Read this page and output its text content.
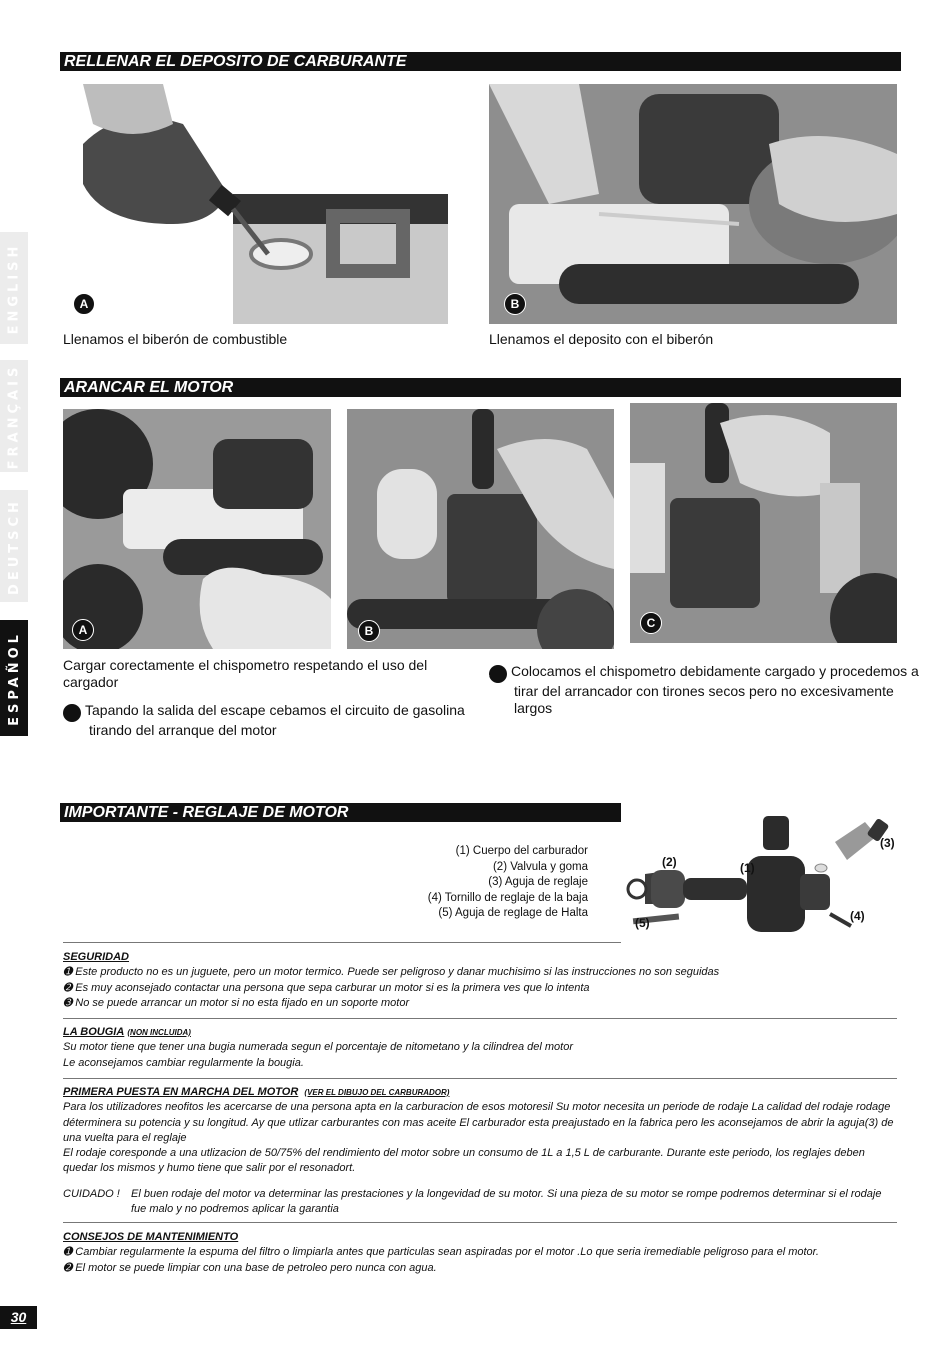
ENGLISH
FRANÇAIS
DEUTSCH
ESPAÑOL
RELLENAR EL DEPOSITO DE CARBURANTE
A	B
Llenamos el biberón de combustible	Llenamos el deposito con el biberón
ARANCAR EL MOTOR
A	B
C
Cargar corectamente el chispometro respetando el uso del cargador
A Tapando la salida del escape cebamos el circuito de gasolina tirando del arranque del motor
B Colocamos el chispometro debidamente cargado y procedemos a tirar del arrancador con tirones secos pero no excesivamente largos
IMPORTANTE - REGLAJE DE MOTOR
(1) Cuerpo del carburador
(2) Valvula y goma
(3) Aguja de reglaje
(4) Tornillo de reglaje de la baja
(5) Aguja de reglage de Halta
(2)	(1)
(3)
(4)
(5)
SEGURIDAD
➊ Este producto no es un juguete, pero un motor termico. Puede ser peligroso y danar muchisimo si las instrucciones no son seguidas
➋ Es muy aconsejado contactar una persona que sepa carburar un motor si es la primera ves que lo intenta
➌ No se puede arrancar un motor si no esta fijado en un soporte motor
LA BOUGIA (NON INCLUIDA)
Su motor tiene que tener una bugia numerada segun el porcentaje de nitometano y la cilindrea del motor
Le aconsejamos cambiar regularmente la bougia.
PRIMERA PUESTA EN MARCHA DEL MOTOR (VER EL DIBUJO DEL CARBURADOR)
Para los utilizadores neofitos les acercarse de una persona apta en la carburacion de esos motoresil Su motor necesita un periode de rodaje La calidad del rodaje rodage déterminera su potencia y su longitud. Ay que utlizar carburantes con mas aceite El carburador esta preajustado en la fabrica pero les aconsejamos de abrir la aguja(3) de una vuelta para el reglaje
El rodaje coresponde a una utlizacion de 50/75% del rendimiento del motor sobre un consumo de 1L a 1,5 L de carburante. Durante este periodo, los reglajes deben quedar los mismos y humo tiene que salir por el resonadort.
CUIDADO ! El buen rodaje del motor va determinar las prestaciones y la longevidad de su motor. Si una pieza de su motor se rompe podremos determinar si el rodaje fue malo y no podremos aplicar la garantia
CONSEJOS DE MANTENIMIENTO
➊ Cambiar regularmente la espuma del filtro o limpiarla antes que particulas sean aspiradas por el motor .Lo que seria iremediable peligroso para el motor.
➋ El motor se puede limpiar con una base de petroleo pero nunca con agua.
30
